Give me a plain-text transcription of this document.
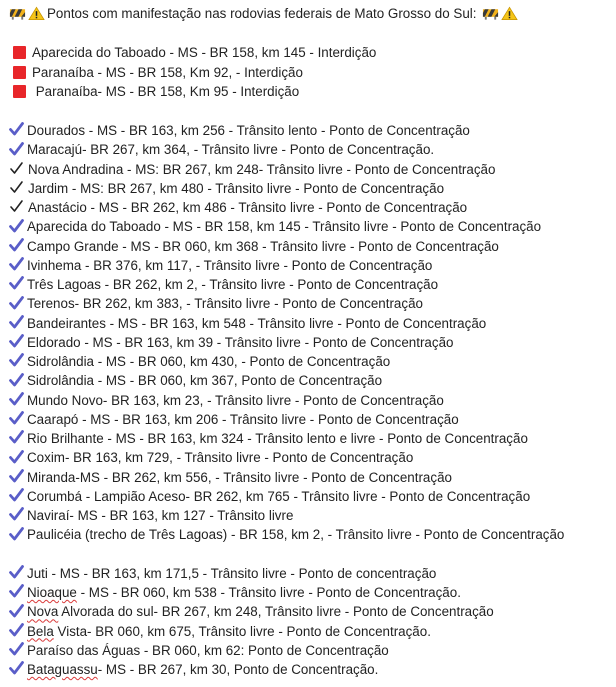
Pontos com manifestação nas rodovias federais de Mato Grosso do Sul:
Aparecida do Taboado - MS - BR 158, km 145 - Interdição
Paranaíba - MS - BR 158, Km 92, - Interdição
Paranaíba- MS - BR 158, Km 95 - Interdição
Dourados - MS - BR 163, km 256 - Trânsito lento - Ponto de Concentração
Maracajú- BR 267, km 364, - Trânsito livre - Ponto de Concentração.
Nova Andradina - MS: BR 267, km 248- Trânsito livre - Ponto de Concentração
Jardim - MS: BR 267, km 480 - Trânsito livre - Ponto de Concentração
Anastácio - MS - BR 262, km 486 - Trânsito livre - Ponto de Concentração
Aparecida do Taboado - MS - BR 158, km 145 - Trânsito livre - Ponto de Concentração
Campo Grande - MS - BR 060, km 368 - Trânsito livre - Ponto de Concentração
Ivinhema - BR 376, km 117, - Trânsito livre - Ponto de Concentração
Três Lagoas - BR 262, km 2, - Trânsito livre - Ponto de Concentração
Terenos- BR 262, km 383, - Trânsito livre - Ponto de Concentração
Bandeirantes - MS - BR 163, km 548 - Trânsito livre - Ponto de Concentração
Eldorado - MS - BR 163, km 39 - Trânsito livre - Ponto de Concentração
Sidrolândia - MS - BR 060, km 430, - Ponto de Concentração
Sidrolândia - MS - BR 060, km 367, Ponto de Concentração
Mundo Novo- BR 163, km 23, - Trânsito livre - Ponto de Concentração
Caarapó - MS - BR 163, km 206 - Trânsito livre - Ponto de Concentração
Rio Brilhante - MS - BR 163, km 324 - Trânsito lento e livre - Ponto de Concentração
Coxim- BR 163, km 729, - Trânsito livre - Ponto de Concentração
Miranda-MS - BR 262, km 556, - Trânsito livre - Ponto de Concentração
Corumbá - Lampião Aceso- BR 262, km 765 - Trânsito livre - Ponto de Concentração
Naviraí- MS - BR 163, km 127 - Trânsito livre
Paulicéia (trecho de Três Lagoas) - BR 158, km 2, - Trânsito livre - Ponto de Concentração
Juti - MS - BR 163, km 171,5 - Trânsito livre - Ponto de concentração
Nioaque - MS - BR 060, km 538 - Trânsito livre - Ponto de Concentração.
Nova Alvorada do sul- BR 267, km 248, Trânsito livre - Ponto de Concentração
Bela Vista- BR 060, km 675, Trânsito livre - Ponto de Concentração.
Paraíso das Águas - BR 060, km 62: Ponto de Concentração
Bataguassu- MS - BR 267, km 30, Ponto de Concentração.
